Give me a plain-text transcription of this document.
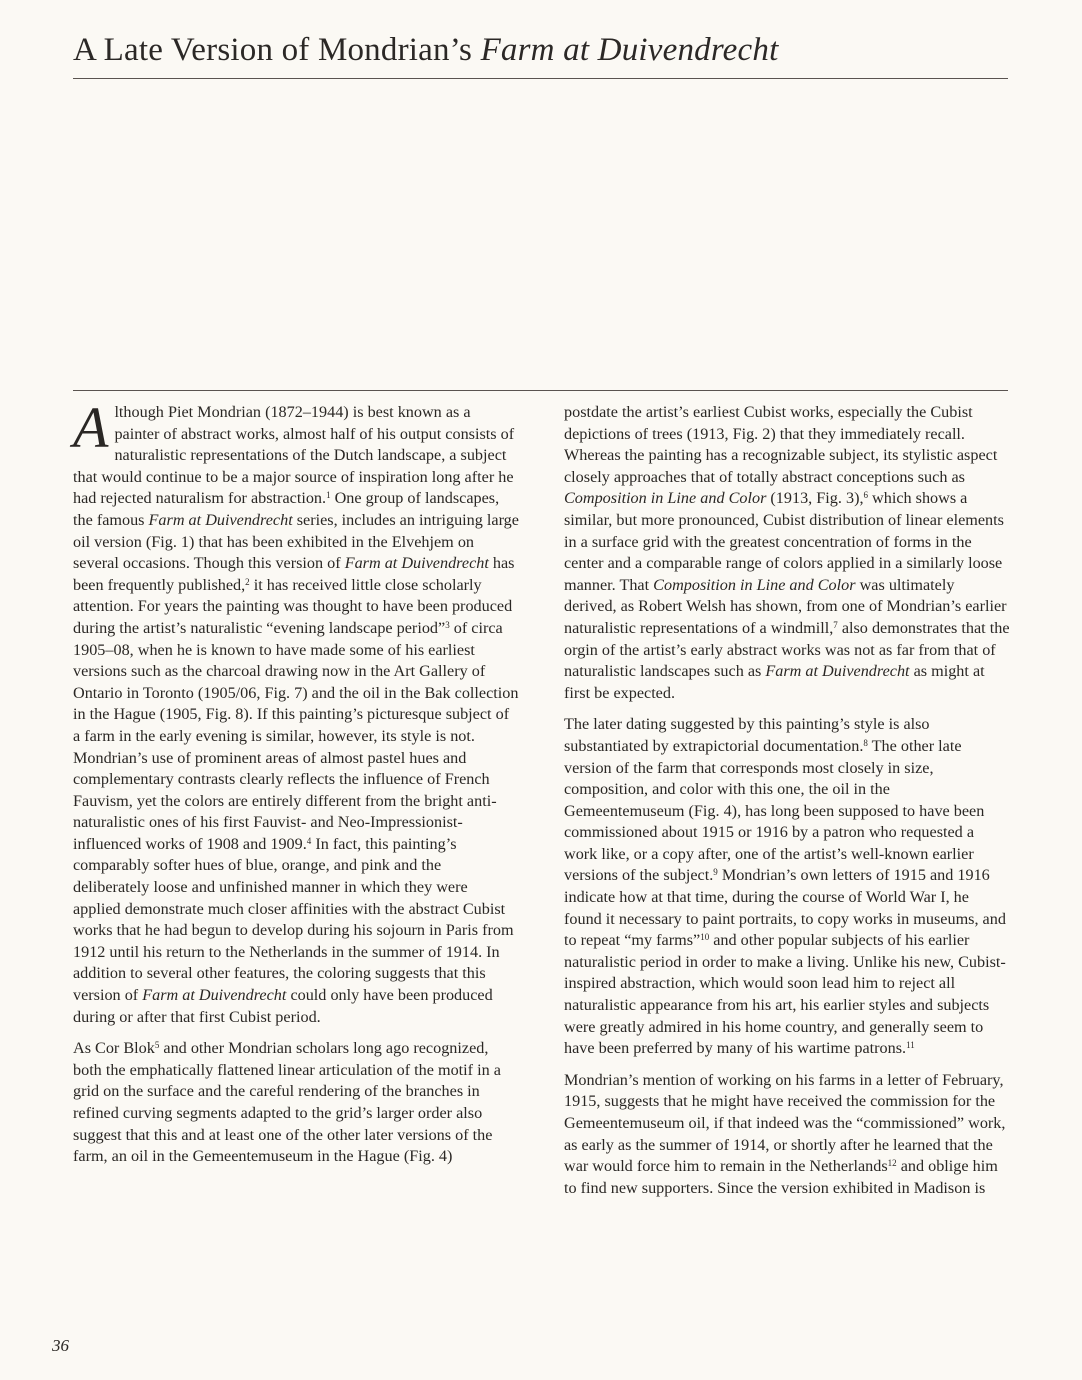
A Late Version of Mondrian’s Farm at Duivendrecht

Although Piet Mondrian (1872–1944) is best known as a painter of abstract works, almost half of his output consists of naturalistic representations of the Dutch landscape, a subject that would continue to be a major source of inspiration long after he had rejected naturalism for abstraction.$^1$ One group of landscapes, the famous Farm at Duivendrecht series, includes an intriguing large oil version (Fig. 1) that has been exhibited in the Elvehjem on several occasions. Though this version of Farm at Duivendrecht has been frequently published,$^2$ it has received little close scholarly attention. For years the painting was thought to have been produced during the artist’s naturalistic “evening landscape period”$^3$ of circa 1905–08, when he is known to have made some of his earliest versions such as the charcoal drawing now in the Art Gallery of Ontario in Toronto (1905/06, Fig. 7) and the oil in the Bak collection in the Hague (1905, Fig. 8). If this painting’s picturesque subject of a farm in the early evening is similar, however, its style is not. Mondrian’s use of prominent areas of almost pastel hues and complementary contrasts clearly reflects the influence of French Fauvism, yet the colors are entirely different from the bright anti-naturalistic ones of his first Fauvist- and Neo-Impressionist-influenced works of 1908 and 1909.$^4$ In fact, this painting’s comparably softer hues of blue, orange, and pink and the deliberately loose and unfinished manner in which they were applied demonstrate much closer affinities with the abstract Cubist works that he had begun to develop during his sojourn in Paris from 1912 until his return to the Netherlands in the summer of 1914. In addition to several other features, the coloring suggests that this version of Farm at Duivendrecht could only have been produced during or after that first Cubist period.

As Cor Blok$^5$ and other Mondrian scholars long ago recognized, both the emphatically flattened linear articulation of the motif in a grid on the surface and the careful rendering of the branches in refined curving segments adapted to the grid’s larger order also suggest that this and at least one of the other later versions of the farm, an oil in the Gemeentemuseum in the Hague (Fig. 4)

postdate the artist’s earliest Cubist works, especially the Cubist depictions of trees (1913, Fig. 2) that they immediately recall. Whereas the painting has a recognizable subject, its stylistic aspect closely approaches that of totally abstract conceptions such as Composition in Line and Color (1913, Fig. 3),$^6$ which shows a similar, but more pronounced, Cubist distribution of linear elements in a surface grid with the greatest concentration of forms in the center and a comparable range of colors applied in a similarly loose manner. That Composition in Line and Color was ultimately derived, as Robert Welsh has shown, from one of Mondrian’s earlier naturalistic representations of a windmill,$^7$ also demonstrates that the orgin of the artist’s early abstract works was not as far from that of naturalistic landscapes such as Farm at Duivendrecht as might at first be expected.

The later dating suggested by this painting’s style is also substantiated by extrapictorial documentation.$^8$ The other late version of the farm that corresponds most closely in size, composition, and color with this one, the oil in the Gemeentemuseum (Fig. 4), has long been supposed to have been commissioned about 1915 or 1916 by a patron who requested a work like, or a copy after, one of the artist’s well-known earlier versions of the subject.$^9$ Mondrian’s own letters of 1915 and 1916 indicate how at that time, during the course of World War I, he found it necessary to paint portraits, to copy works in museums, and to repeat “my farms”$^{10}$ and other popular subjects of his earlier naturalistic period in order to make a living. Unlike his new, Cubist-inspired abstraction, which would soon lead him to reject all naturalistic appearance from his art, his earlier styles and subjects were greatly admired in his home country, and generally seem to have been preferred by many of his wartime patrons.$^{11}$

Mondrian’s mention of working on his farms in a letter of February, 1915, suggests that he might have received the commission for the Gemeentemuseum oil, if that indeed was the “commissioned” work, as early as the summer of 1914, or shortly after he learned that the war would force him to remain in the Netherlands$^{12}$ and oblige him to find new supporters. Since the version exhibited in Madison is

36
